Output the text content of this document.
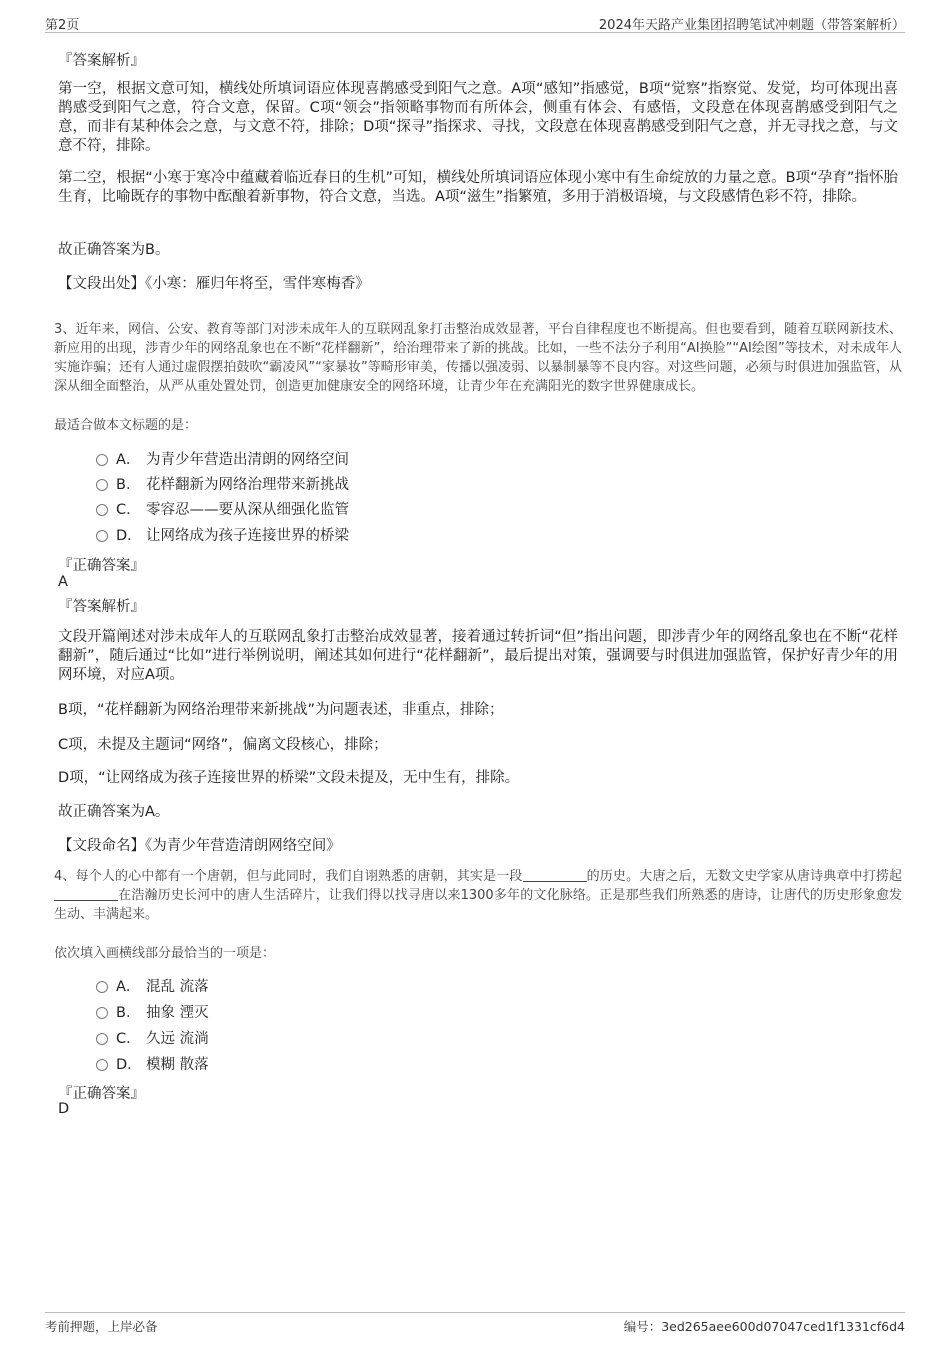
第2页	2024年天路产业集团招聘笔试冲刺题（带答案解析）
『答案解析』
第一空，根据文意可知，横线处所填词语应体现喜鹊感受到阳气之意。A项“感知”指感觉，B项“觉察”指察觉、发觉，均可体现出喜鹊感受到阳气之意，符合文意，保留。C项“领会”指领略事物而有所体会，侧重有体会、有感悟，文段意在体现喜鹊感受到阳气之意，而非有某种体会之意，与文意不符，排除；D项“探寻”指探求、寻找，文段意在体现喜鹊感受到阳气之意，并无寻找之意，与文意不符，排除。
第二空，根据“小寒于寒冷中蕴藏着临近春日的生机”可知，横线处所填词语应体现小寒中有生命绽放的力量之意。B项“孕育”指怀胎生育，比喻既存的事物中酝酿着新事物，符合文意，当选。A项“滋生”指繁殖，多用于消极语境，与文段感情色彩不符，排除。
故正确答案为B。
【文段出处】《小寒：雁归年将至，雪伴寒梅香》
3、近年来，网信、公安、教育等部门对涉未成年人的互联网乱象打击整治成效显著，平台自律程度也不断提高。但也要看到，随着互联网新技术、新应用的出现，涉青少年的网络乱象也在不断“花样翻新”，给治理带来了新的挑战。比如，一些不法分子利用“AI换脸”“AI绘图”等技术，对未成年人实施诈骗；还有人通过虚假摆拍鼓吹“霸凌风”“家暴妆”等畸形审美，传播以强凌弱、以暴制暴等不良内容。对这些问题，必须与时俱进加强监管，从深从细全面整治，从严从重处置处罚，创造更加健康安全的网络环境，让青少年在充满阳光的数字世界健康成长。
最适合做本文标题的是：
A． 为青少年营造出清朗的网络空间
B． 花样翻新为网络治理带来新挑战
C． 零容忍——要从深从细强化监管
D． 让网络成为孩子连接世界的桥梁
『正确答案』
A
『答案解析』
文段开篇阐述对涉未成年人的互联网乱象打击整治成效显著，接着通过转折词“但”指出问题，即涉青少年的网络乱象也在不断“花样翻新”，随后通过“比如”进行举例说明，阐述其如何进行“花样翻新”，最后提出对策，强调要与时俱进加强监管，保护好青少年的用网环境，对应A项。
B项，“花样翻新为网络治理带来新挑战”为问题表述，非重点，排除；
C项，未提及主题词“网络”，偏离文段核心，排除；
D项，“让网络成为孩子连接世界的桥梁”文段未提及，无中生有，排除。
故正确答案为A。
【文段命名】《为青少年营造清朗网络空间》
4、每个人的心中都有一个唐朝，但与此同时，我们自诩熟悉的唐朝，其实是一段	的历史。大唐之后，无数文史学家从唐诗典章中打捞起在浩瀚历史长河中的唐人生活碎片，让我们得以找寻唐以来1300多年的文化脉络。正是那些我们所熟悉的唐诗，让唐代的历史形象愈发生动、丰满起来。
依次填入画横线部分最恰当的一项是：
A． 混乱 流落
B． 抽象 湮灭
C． 久远 流淌
D． 模糊 散落
『正确答案』
D
考前押题，上岸必备	编号：3ed265aee600d07047ced1f1331cf6d4
